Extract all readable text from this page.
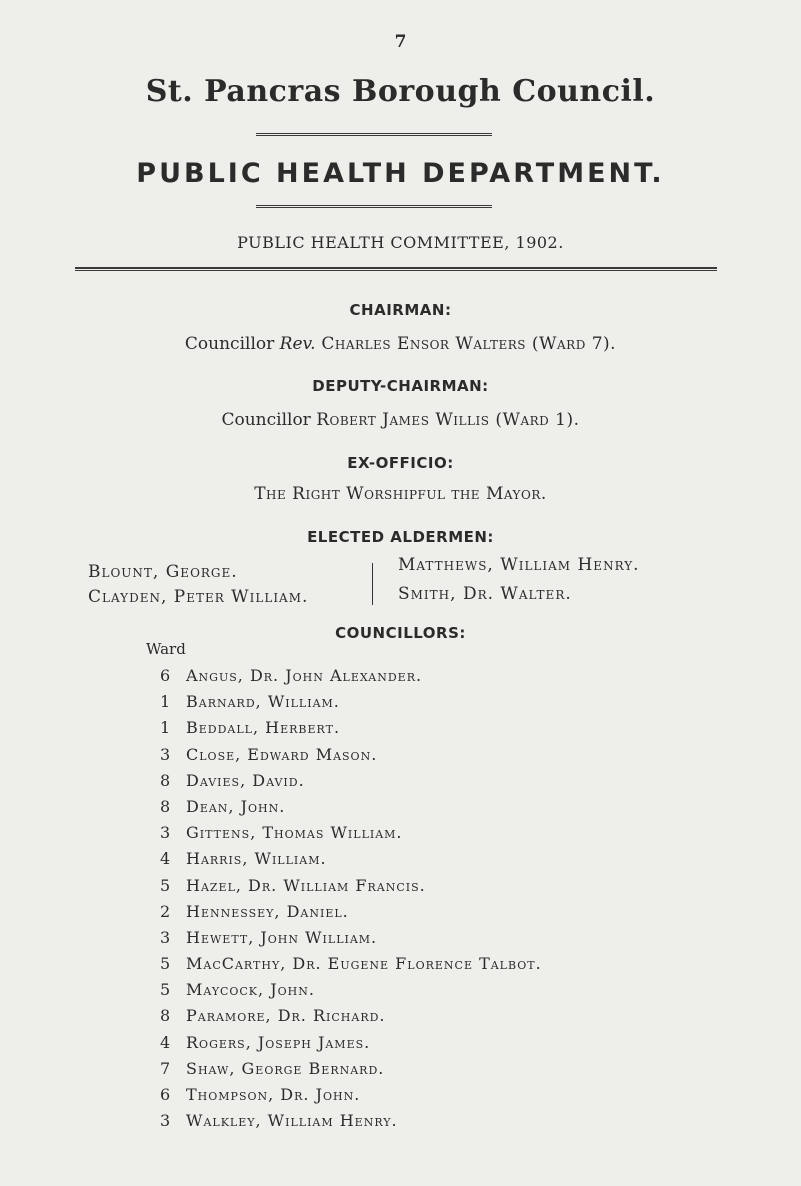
7
St. Pancras Borough Council.
PUBLIC HEALTH DEPARTMENT.
PUBLIC HEALTH COMMITTEE, 1902.
CHAIRMAN:
Councillor Rev. Charles Ensor Walters (Ward 7).
DEPUTY-CHAIRMAN:
Councillor Robert James Willis (Ward 1).
EX-OFFICIO:
The Right Worshipful the Mayor.
ELECTED ALDERMEN:
Blount, George.
Clayden, Peter William.
Matthews, William Henry.
Smith, Dr. Walter.
Ward
COUNCILLORS:
6 Angus, Dr. John Alexander.
1 Barnard, William.
1 Beddall, Herbert.
3 Close, Edward Mason.
8 Davies, David.
8 Dean, John.
3 Gittens, Thomas William.
4 Harris, William.
5 Hazel, Dr. William Francis.
2 Hennessey, Daniel.
3 Hewett, John William.
5 MacCarthy, Dr. Eugene Florence Talbot.
5 Maycock, John.
8 Paramore, Dr. Richard.
4 Rogers, Joseph James.
7 Shaw, George Bernard.
6 Thompson, Dr. John.
3 Walkley, William Henry.
